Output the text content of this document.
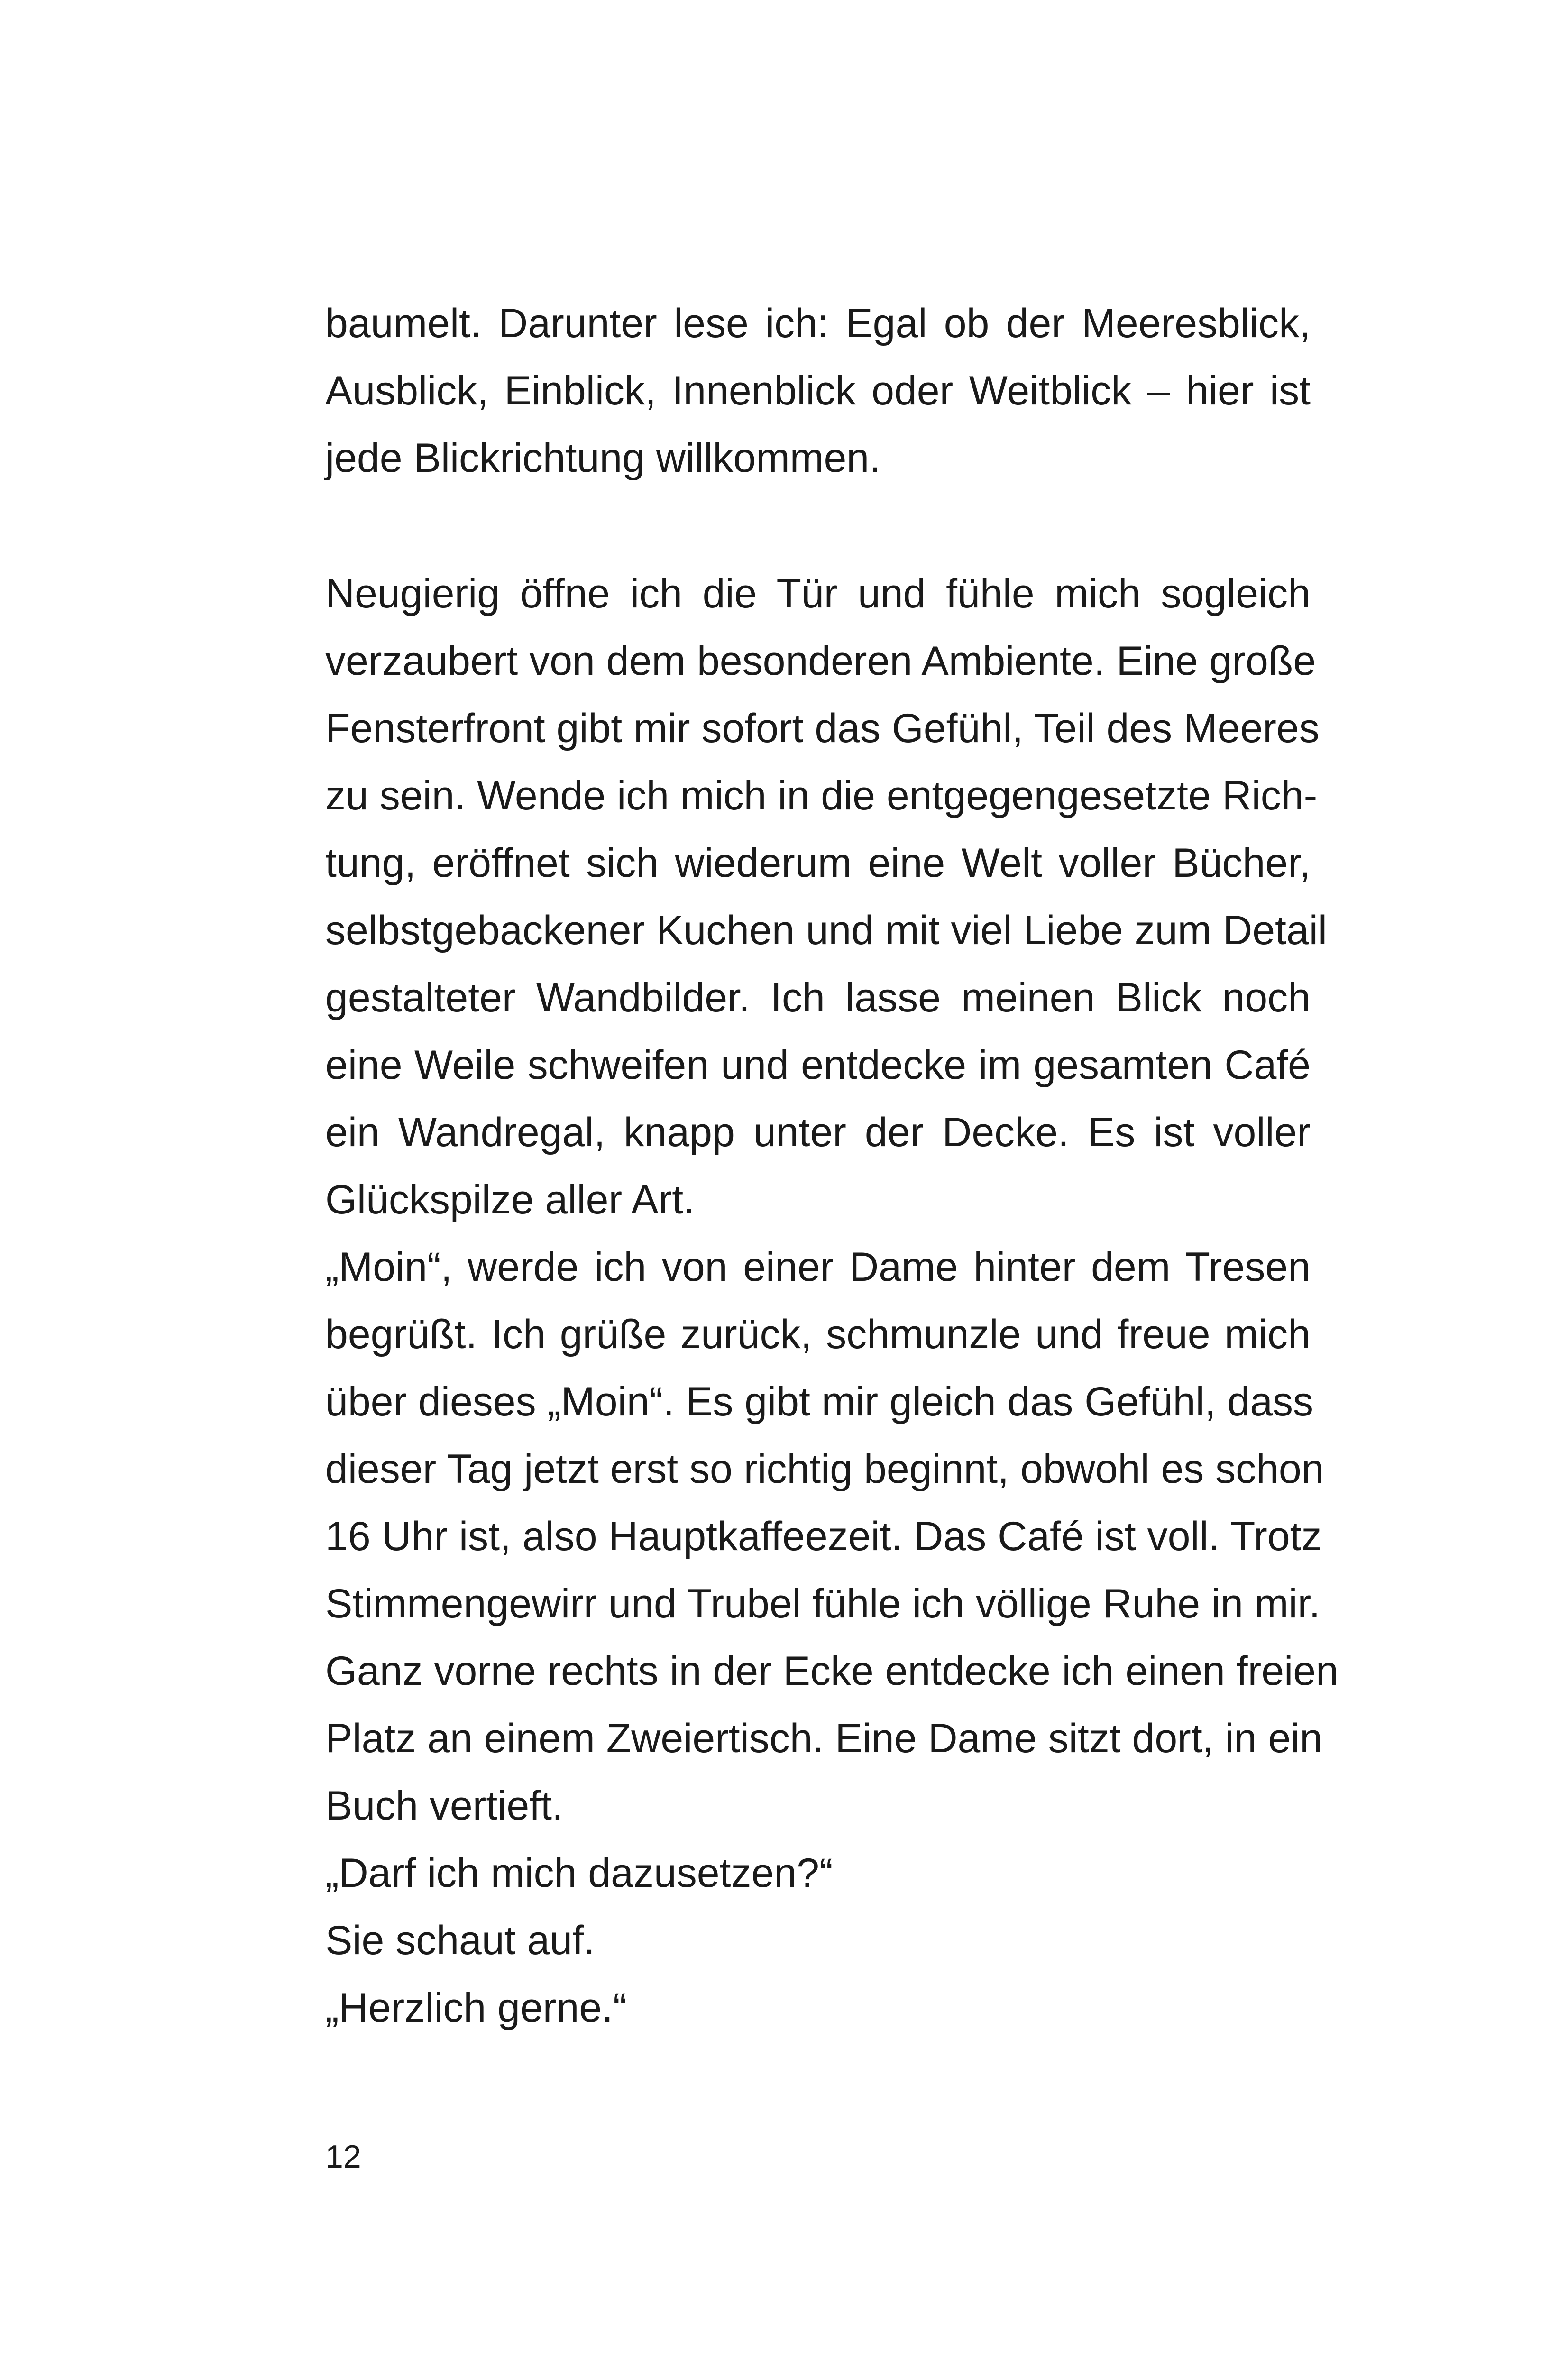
baumelt. Darunter lese ich: Egal ob der Meeresblick,
Ausblick, Einblick, Innenblick oder Weitblick – hier ist
jede Blickrichtung willkommen.
Neugierig öffne ich die Tür und fühle mich sogleich
verzaubert von dem besonderen Ambiente. Eine große
Fensterfront gibt mir sofort das Gefühl, Teil des Meeres
zu sein. Wende ich mich in die entgegengesetzte Rich-
tung, eröffnet sich wiederum eine Welt voller Bücher,
selbstgebackener Kuchen und mit viel Liebe zum Detail
gestalteter Wandbilder. Ich lasse meinen Blick noch
eine Weile schweifen und entdecke im gesamten Café
ein Wandregal, knapp unter der Decke. Es ist voller
Glückspilze aller Art.
„Moin“, werde ich von einer Dame hinter dem Tresen
begrüßt. Ich grüße zurück, schmunzle und freue mich
über dieses „Moin“. Es gibt mir gleich das Gefühl, dass
dieser Tag jetzt erst so richtig beginnt, obwohl es schon
16 Uhr ist, also Hauptkaffeezeit. Das Café ist voll. Trotz
Stimmengewirr und Trubel fühle ich völlige Ruhe in mir.
Ganz vorne rechts in der Ecke entdecke ich einen freien
Platz an einem Zweiertisch. Eine Dame sitzt dort, in ein
Buch vertieft.
„Darf ich mich dazusetzen?“
Sie schaut auf.
„Herzlich gerne.“
12
